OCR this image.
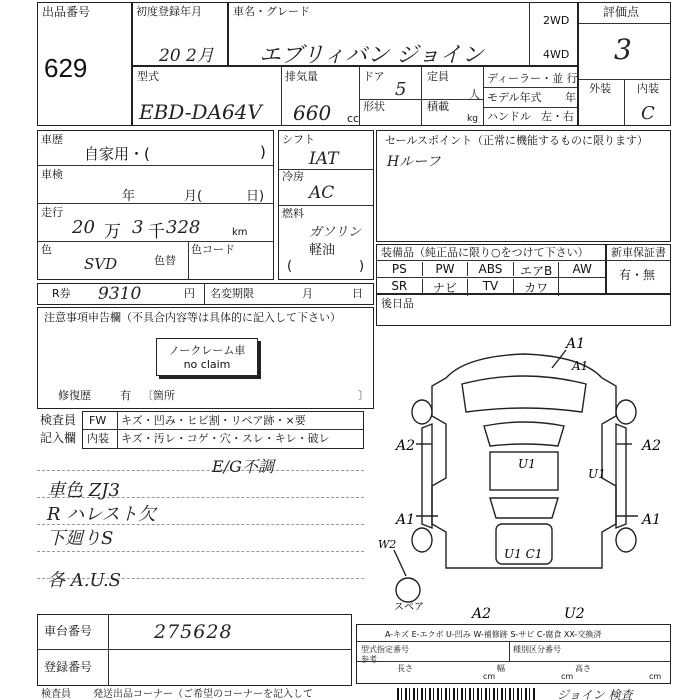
出品番号
629
初度登録年月
20 2月
車名・グレード
エブリィバン ジョイン
2WD
4WD
評価点
3
外装 内装
C
型式
EBD-DA64V
排気量
660 cc
ドア
5
定員
人
形状	積載
kg
ディーラー・並 行
モデル年式 年
ハンドル 左・右
車歴
自家用・(	)
車検
年	月(	日)
走行
20 万 3 千 328	km
色
SVD	色替
色コード
シフト
IAT
冷房
AC
燃料
ガソリン
軽油
(	)
セールスポイント（正常に機能するものに限ります）
Hルーフ
装備品（純正品に限り○をつけて下さい）
PS	PW	ABS	エアB	AW
SR	ナビ	TV	カワ
新車保証書
有・無
R券 9310	円 名変期限	月	日
後日品
注意事項申告欄（不具合内容等は具体的に記入して下さい）
ノークレーム車
no claim
修復歴	有 〔箇所	〕
検査員
記入欄
FW キズ・凹み・ヒビ割・リペア跡・×要
内装 キズ・汚レ・コゲ・穴・スレ・キレ・破レ
E/G不調
車色 ZJ3
R ハレスト欠
下廻りS
各 A.U.S
A1
A1
A2	A2
A1	A1
U1
U1
U1 C1
W2
スペア	A2	U2
車台番号	275628
登録番号
A-キズ E-エクボ U-凹み W-補修跡 S-サビ C-腐食 XX-交換済
型式指定番号
参考
種別区分番号
長さ
cm
幅
cm
高さ
cm
検査員 発送出品コーナー（ご希望のコーナーを記入して	ジョイン 検査
